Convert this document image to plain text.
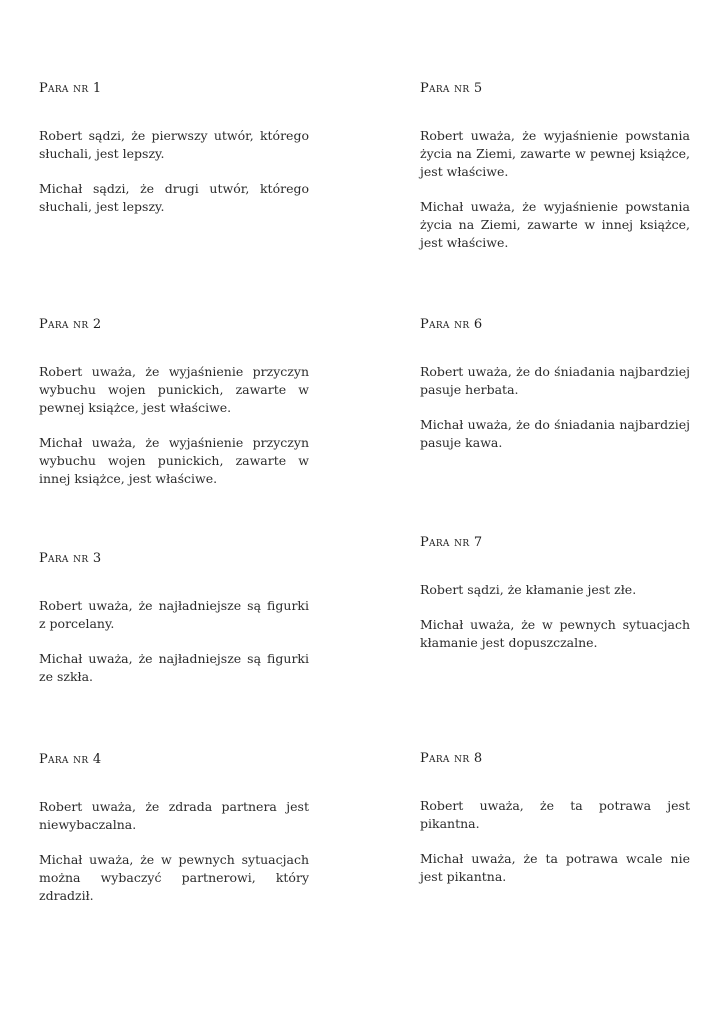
Para nr 1

Robert sądzi, że pierwszy utwór, którego słuchali, jest lepszy.

Michał sądzi, że drugi utwór, którego słuchali, jest lepszy.

Para nr 2

Robert uważa, że wyjaśnienie przyczyn wybuchu wojen punickich, zawarte w pewnej książce, jest właściwe.

Michał uważa, że wyjaśnienie przyczyn wybuchu wojen punickich, zawarte w innej książce, jest właściwe.

Para nr 3

Robert uważa, że najładniejsze są figurki z porcelany.

Michał uważa, że najładniejsze są figurki ze szkła.

Para nr 4

Robert uważa, że zdrada partnera jest niewybaczalna.

Michał uważa, że w pewnych sytuacjach można wybaczyć partnerowi, który zdradził.

Para nr 5

Robert uważa, że wyjaśnienie powstania życia na Ziemi, zawarte w pewnej książce, jest właściwe.

Michał uważa, że wyjaśnienie powstania życia na Ziemi, zawarte w innej książce, jest właściwe.

Para nr 6

Robert uważa, że do śniadania najbardziej pasuje herbata.

Michał uważa, że do śniadania najbardziej pasuje kawa.

Para nr 7

Robert sądzi, że kłamanie jest złe.

Michał uważa, że w pewnych sytuacjach kłamanie jest dopuszczalne.

Para nr 8

Robert uważa, że ta potrawa jest pikantna.

Michał uważa, że ta potrawa wcale nie jest pikantna.
